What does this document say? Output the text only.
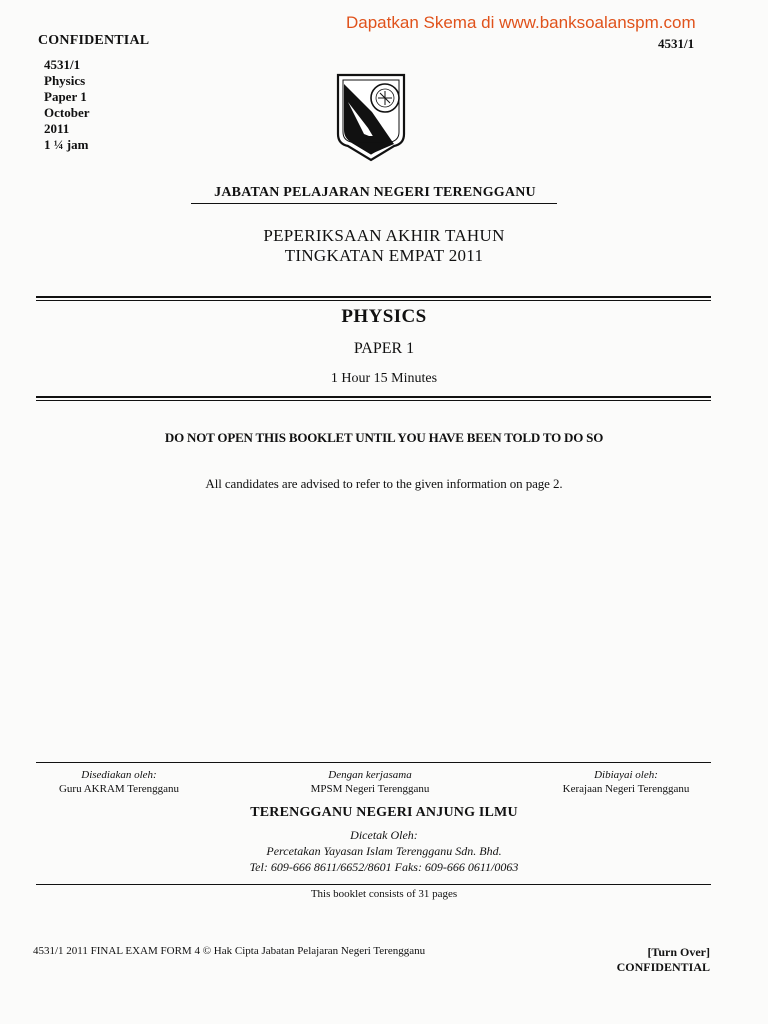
Dapatkan Skema di www.banksoalanspm.com
CONFIDENTIAL	4531/1
4531/1
Physics
Paper 1
October
2011
1 ¼ jam
JABATAN PELAJARAN NEGERI TERENGGANU
PEPERIKSAAN AKHIR TAHUN
TINGKATAN EMPAT 2011
PHYSICS
PAPER 1
1 Hour 15 Minutes
DO NOT OPEN THIS BOOKLET UNTIL YOU HAVE BEEN TOLD TO DO SO
All candidates are advised to refer to the given information on page 2.
Disediakan oleh:
Guru AKRAM Terengganu
Dengan kerjasama
MPSM Negeri Terengganu
Dibiayai oleh:
Kerajaan Negeri Terengganu
TERENGGANU NEGERI ANJUNG ILMU
Dicetak Oleh:
Percetakan Yayasan Islam Terengganu Sdn. Bhd.
Tel: 609-666 8611/6652/8601 Faks: 609-666 0611/0063
This booklet consists of 31 pages
4531/1 2011 FINAL EXAM FORM 4 © Hak Cipta Jabatan Pelajaran Negeri Terengganu	[Turn Over]
CONFIDENTIAL
